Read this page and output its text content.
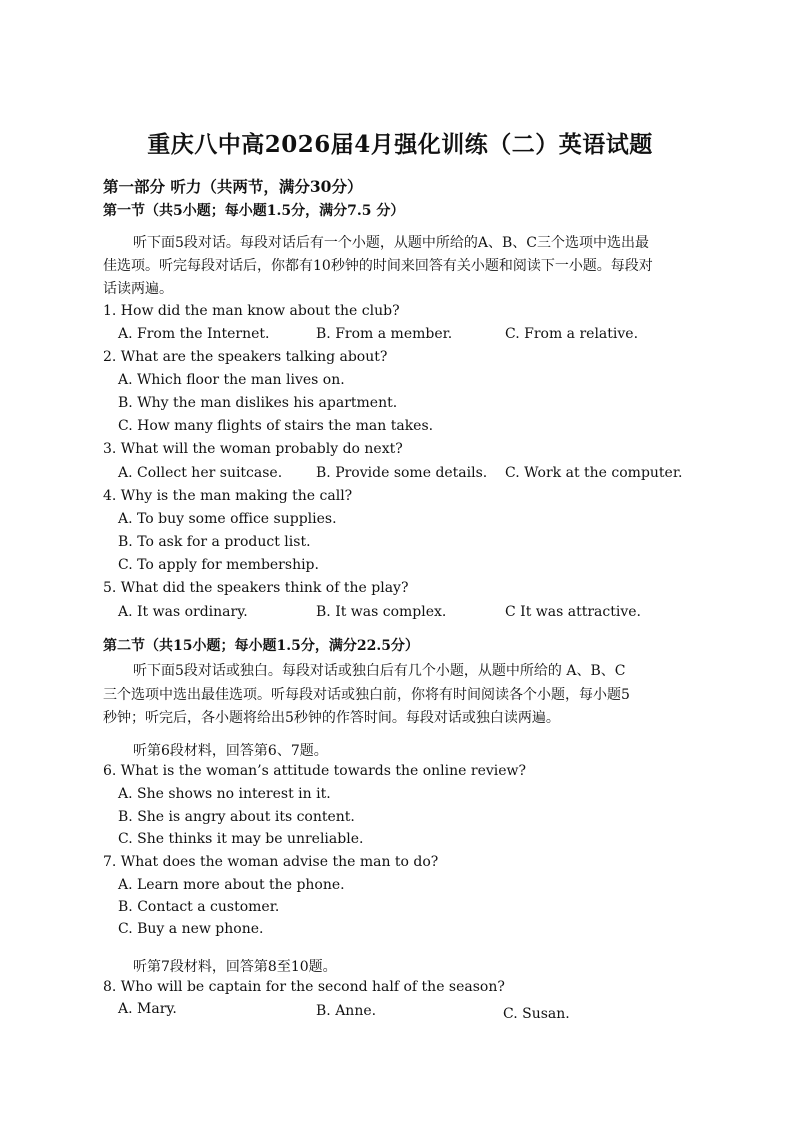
重庆八中高2026届4月强化训练（二）英语试题
第一部分 听力（共两节，满分30分）
第一节（共5小题；每小题1.5分，满分7.5 分）
听下面5段对话。每段对话后有一个小题，从题中所给的A、B、C三个选项中选出最
佳选项。听完每段对话后，你都有10秒钟的时间来回答有关小题和阅读下一小题。每段对
话读两遍。
1. How did the man know about the club?
A. From the Internet.	B. From a member.	C. From a relative.
2. What are the speakers talking about?
A. Which floor the man lives on.
B. Why the man dislikes his apartment.
C. How many flights of stairs the man takes.
3. What will the woman probably do next?
A. Collect her suitcase. B. Provide some details. C. Work at the computer.
4. Why is the man making the call?
A. To buy some office supplies.
B. To ask for a product list.
C. To apply for membership.
5. What did the speakers think of the play?
A. It was ordinary.	B. It was complex.	C It was attractive.
第二节（共15小题；每小题1.5分，满分22.5分）
听下面5段对话或独白。每段对话或独白后有几个小题，从题中所给的 A、B、C
三个选项中选出最佳选项。听每段对话或独白前，你将有时间阅读各个小题，每小题5
秒钟；听完后，各小题将给出5秒钟的作答时间。每段对话或独白读两遍。
听第6段材料，回答第6、7题。
6. What is the woman’s attitude towards the online review?
A. She shows no interest in it.
B. She is angry about its content.
C. She thinks it may be unreliable.
7. What does the woman advise the man to do?
A. Learn more about the phone.
B. Contact a customer.
C. Buy a new phone.
听第7段材料，回答第8至10题。
8. Who will be captain for the second half of the season?
A. Mary.	B. Anne.	C. Susan.
